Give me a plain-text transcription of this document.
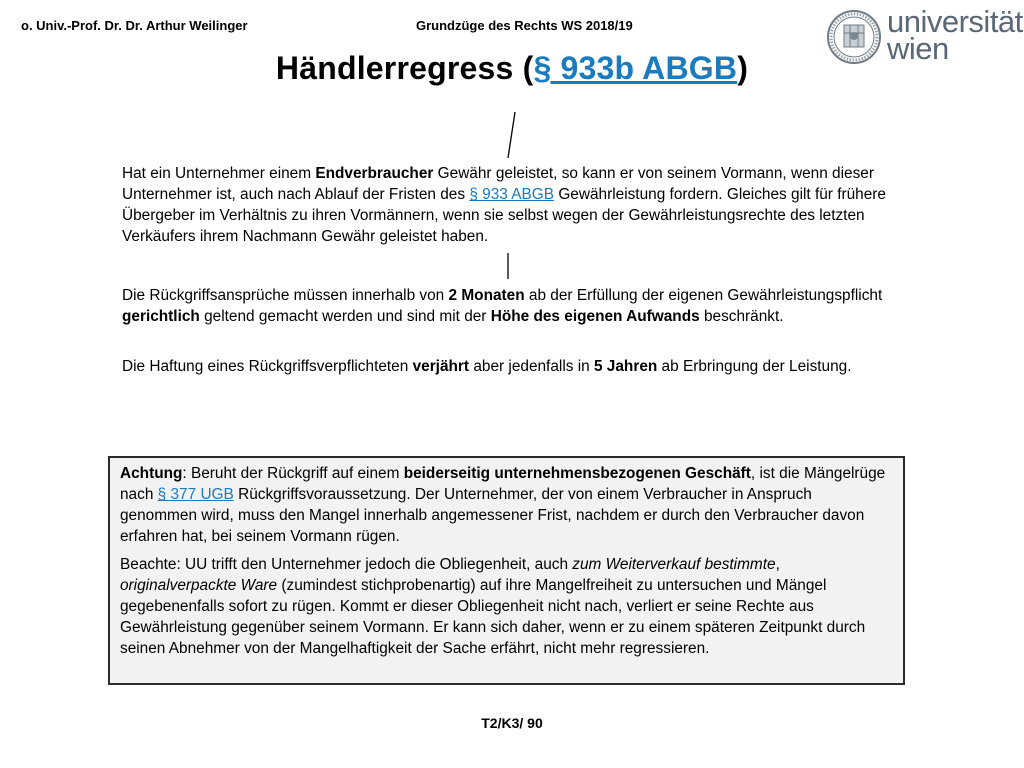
o. Univ.-Prof. Dr. Dr. Arthur Weilinger	Grundzüge des Rechts WS 2018/19	universität
wien
Händlerregress (§ 933b ABGB)

Hat ein Unternehmer einem Endverbraucher Gewähr geleistet, so kann er von seinem Vormann, wenn dieser Unternehmer ist, auch nach Ablauf der Fristen des § 933 ABGB Gewährleistung fordern. Gleiches gilt für frühere Übergeber im Verhältnis zu ihren Vormännern, wenn sie selbst wegen der Gewährleistungsrechte des letzten Verkäufers ihrem Nachmann Gewähr geleistet haben.

Die Rückgriffsansprüche müssen innerhalb von 2 Monaten ab der Erfüllung der eigenen Gewährleistungspflicht gerichtlich geltend gemacht werden und sind mit der Höhe des eigenen Aufwands beschränkt.

Die Haftung eines Rückgriffsverpflichteten verjährt aber jedenfalls in 5 Jahren ab Erbringung der Leistung.

Achtung: Beruht der Rückgriff auf einem beiderseitig unternehmensbezogenen Geschäft, ist die Mängelrüge nach § 377 UGB Rückgriffsvoraussetzung. Der Unternehmer, der von einem Verbraucher in Anspruch genommen wird, muss den Mangel innerhalb angemessener Frist, nachdem er durch den Verbraucher davon erfahren hat, bei seinem Vormann rügen.

Beachte: UU trifft den Unternehmer jedoch die Obliegenheit, auch zum Weiterverkauf bestimmte, originalverpackte Ware (zumindest stichprobenartig) auf ihre Mangelfreiheit zu untersuchen und Mängel gegebenenfalls sofort zu rügen. Kommt er dieser Obliegenheit nicht nach, verliert er seine Rechte aus Gewährleistung gegenüber seinem Vormann. Er kann sich daher, wenn er zu einem späteren Zeitpunkt durch seinen Abnehmer von der Mangelhaftigkeit der Sache erfährt, nicht mehr regressieren.

T2/K3/ 90
